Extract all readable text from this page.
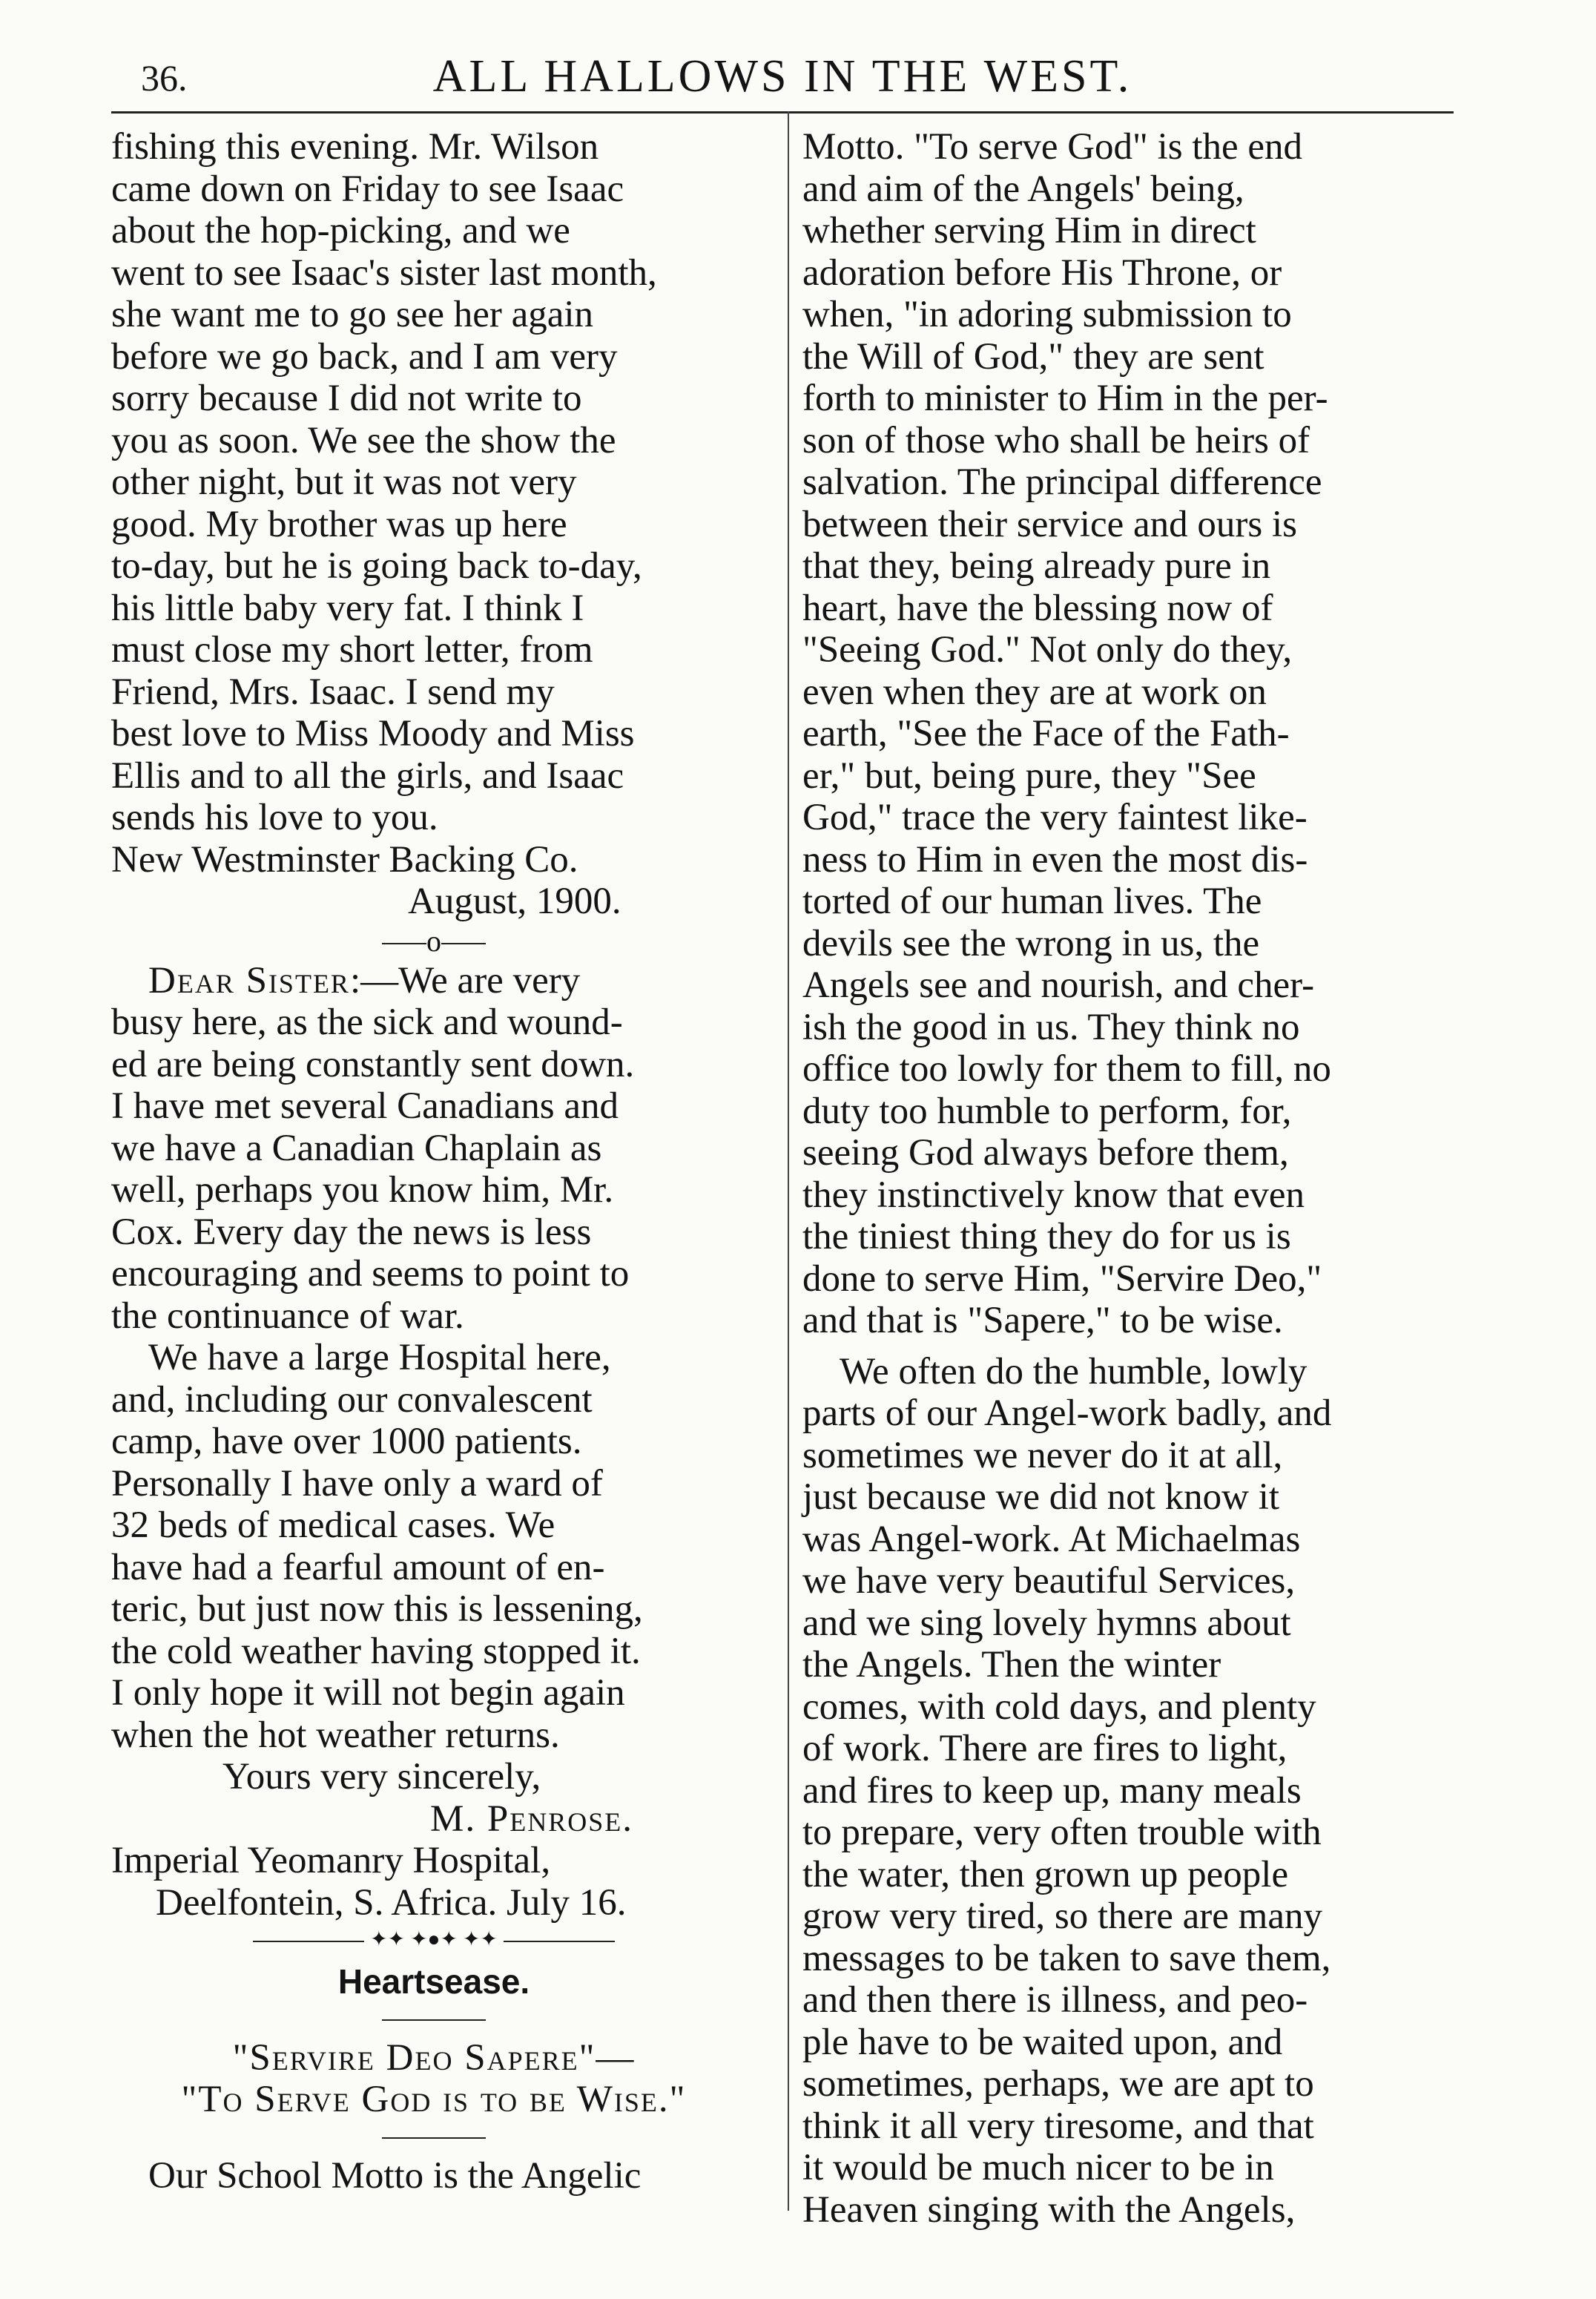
36.	ALL HALLOWS IN THE WEST.

fishing this evening. Mr. Wilson
came down on Friday to see Isaac
about the hop-picking, and we
went to see Isaac's sister last month,
she want me to go see her again
before we go back, and I am very
sorry because I did not write to
you as soon. We see the show the
other night, but it was not very
good. My brother was up here
to-day, but he is going back to-day,
his little baby very fat. I think I
must close my short letter, from
Friend, Mrs. Isaac. I send my
best love to Miss Moody and Miss
Ellis and to all the girls, and Isaac
sends his love to you.

New Westminster Backing Co.
August, 1900.
o

Dear Sister:—We are very
busy here, as the sick and wound-
ed are being constantly sent down.
I have met several Canadians and
we have a Canadian Chaplain as
well, perhaps you know him, Mr.
Cox. Every day the news is less
encouraging and seems to point to
the continuance of war.

We have a large Hospital here,
and, including our convalescent
camp, have over 1000 patients.
Personally I have only a ward of
32 beds of medical cases. We
have had a fearful amount of en-
teric, but just now this is lessening,
the cold weather having stopped it.
I only hope it will not begin again
when the hot weather returns.

Yours very sincerely,
M. Penrose.
Imperial Yeomanry Hospital,
Deelfontein, S. Africa. July 16.
✦✦ ✦●✦ ✦✦
Heartsease.
"Servire Deo Sapere"—
"To Serve God is to be Wise."
Our School Motto is the Angelic

Motto. "To serve God" is the end
and aim of the Angels' being,
whether serving Him in direct
adoration before His Throne, or
when, "in adoring submission to
the Will of God," they are sent
forth to minister to Him in the per-
son of those who shall be heirs of
salvation. The principal difference
between their service and ours is
that they, being already pure in
heart, have the blessing now of
"Seeing God." Not only do they,
even when they are at work on
earth, "See the Face of the Fath-
er," but, being pure, they "See
God," trace the very faintest like-
ness to Him in even the most dis-
torted of our human lives. The
devils see the wrong in us, the
Angels see and nourish, and cher-
ish the good in us. They think no
office too lowly for them to fill, no
duty too humble to perform, for,
seeing God always before them,
they instinctively know that even
the tiniest thing they do for us is
done to serve Him, "Servire Deo,"
and that is "Sapere," to be wise.

We often do the humble, lowly
parts of our Angel-work badly, and
sometimes we never do it at all,
just because we did not know it
was Angel-work. At Michaelmas
we have very beautiful Services,
and we sing lovely hymns about
the Angels. Then the winter
comes, with cold days, and plenty
of work. There are fires to light,
and fires to keep up, many meals
to prepare, very often trouble with
the water, then grown up people
grow very tired, so there are many
messages to be taken to save them,
and then there is illness, and peo-
ple have to be waited upon, and
sometimes, perhaps, we are apt to
think it all very tiresome, and that
it would be much nicer to be in
Heaven singing with the Angels,
